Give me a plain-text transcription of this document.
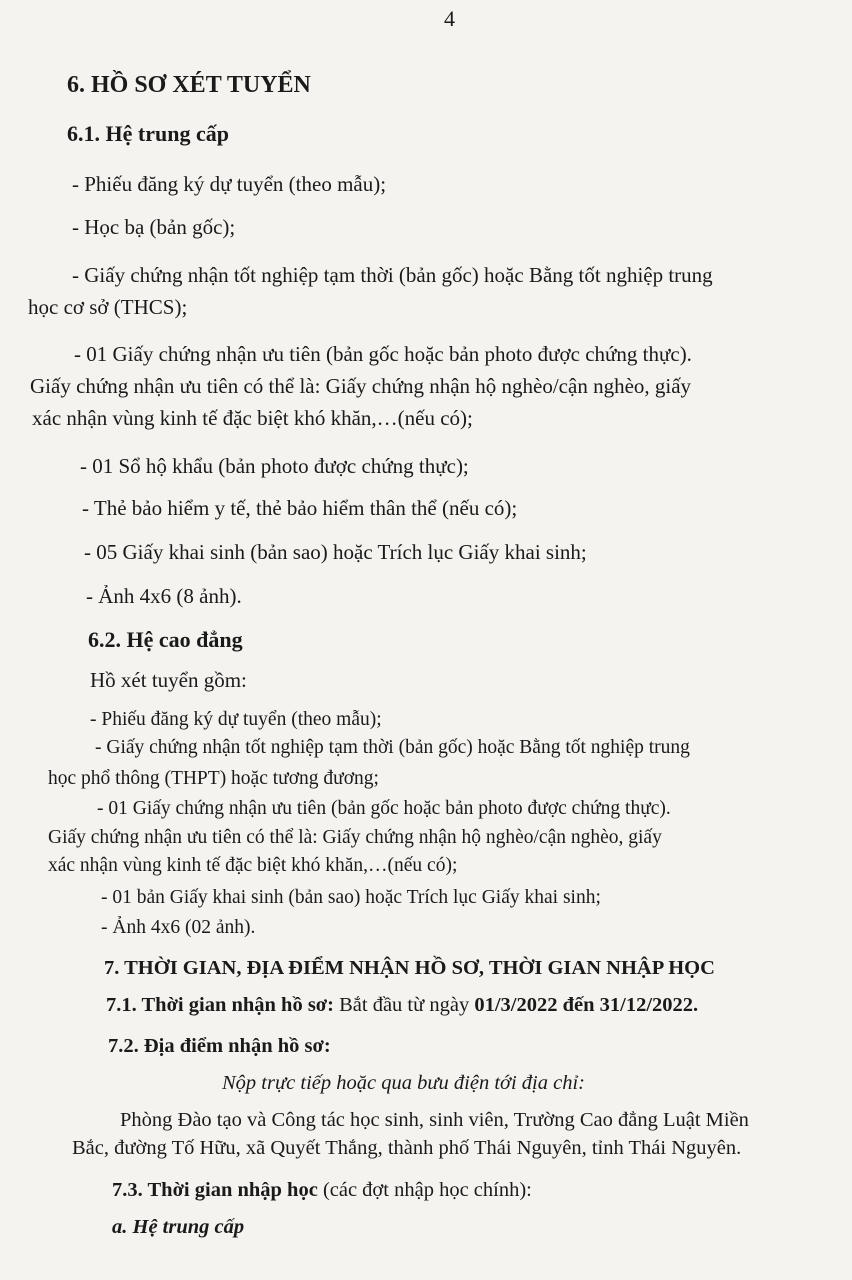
4
6. HỒ SƠ XÉT TUYỂN
6.1. Hệ trung cấp
- Phiếu đăng ký dự tuyển (theo mẫu);
- Học bạ (bản gốc);
- Giấy chứng nhận tốt nghiệp tạm thời (bản gốc) hoặc Bằng tốt nghiệp trung
học cơ sở (THCS);
- 01 Giấy chứng nhận ưu tiên (bản gốc hoặc bản photo được chứng thực).
Giấy chứng nhận ưu tiên có thể là: Giấy chứng nhận hộ nghèo/cận nghèo, giấy
xác nhận vùng kinh tế đặc biệt khó khăn,…(nếu có);
- 01 Sổ hộ khẩu (bản photo được chứng thực);
- Thẻ bảo hiểm y tế, thẻ bảo hiểm thân thể (nếu có);
- 05 Giấy khai sinh (bản sao) hoặc Trích lục Giấy khai sinh;
- Ảnh 4x6 (8 ảnh).
6.2. Hệ cao đẳng
Hồ xét tuyển gồm:
- Phiếu đăng ký dự tuyển (theo mẫu);
- Giấy chứng nhận tốt nghiệp tạm thời (bản gốc) hoặc Bằng tốt nghiệp trung
học phổ thông (THPT) hoặc tương đương;
- 01 Giấy chứng nhận ưu tiên (bản gốc hoặc bản photo được chứng thực).
Giấy chứng nhận ưu tiên có thể là: Giấy chứng nhận hộ nghèo/cận nghèo, giấy
xác nhận vùng kinh tế đặc biệt khó khăn,…(nếu có);
- 01 bản Giấy khai sinh (bản sao) hoặc Trích lục Giấy khai sinh;
- Ảnh 4x6 (02 ảnh).
7. THỜI GIAN, ĐỊA ĐIỂM NHẬN HỒ SƠ, THỜI GIAN NHẬP HỌC
7.1. Thời gian nhận hồ sơ: Bắt đầu từ ngày 01/3/2022 đến 31/12/2022.
7.2. Địa điểm nhận hồ sơ:
Nộp trực tiếp hoặc qua bưu điện tới địa chỉ:
Phòng Đào tạo và Công tác học sinh, sinh viên, Trường Cao đẳng Luật Miền
Bắc, đường Tố Hữu, xã Quyết Thắng, thành phố Thái Nguyên, tỉnh Thái Nguyên.
7.3. Thời gian nhập học (các đợt nhập học chính):
a. Hệ trung cấp
